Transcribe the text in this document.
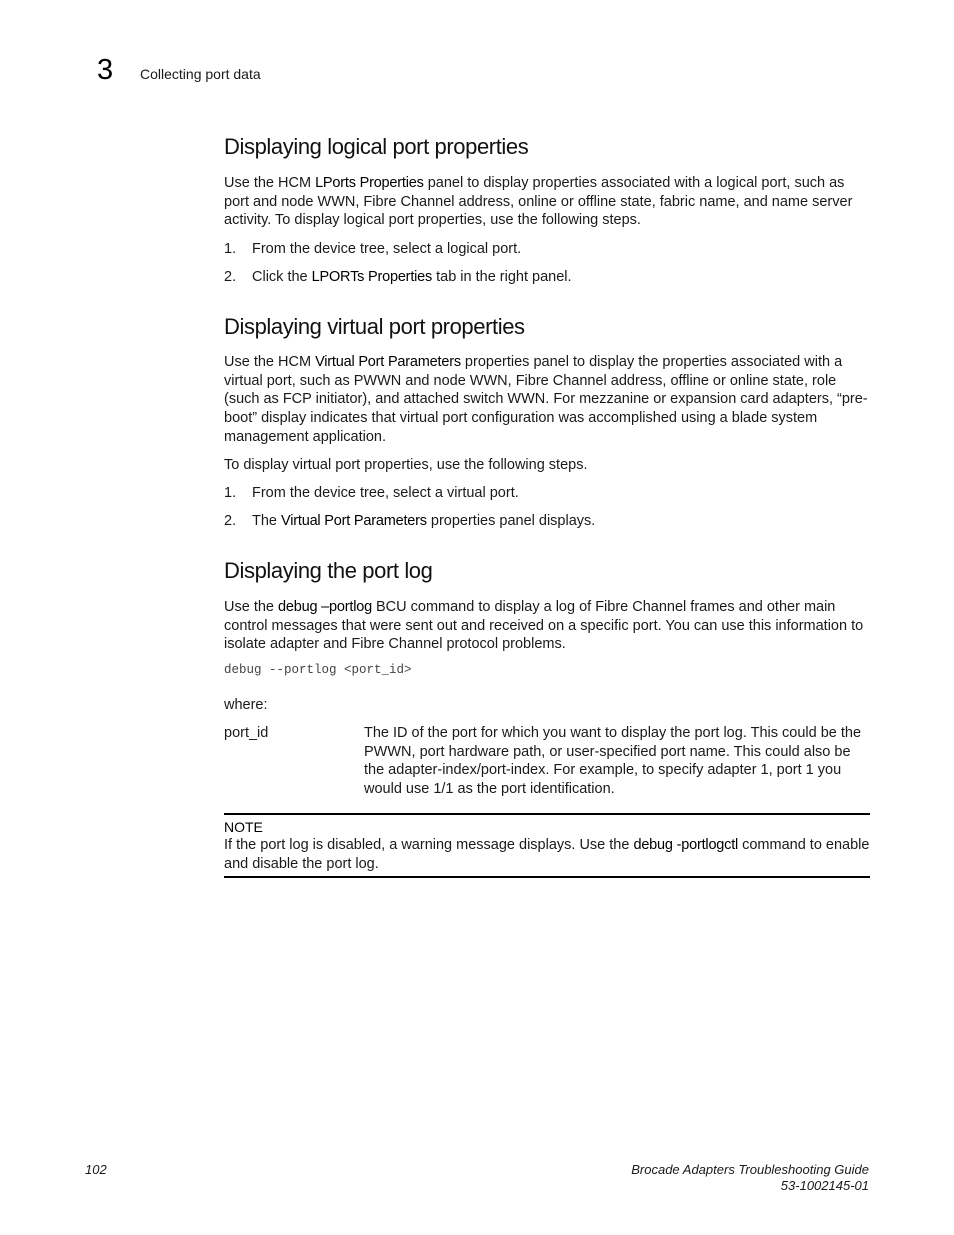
3 Collecting port data
Displaying logical port properties

Use the HCM LPorts Properties panel to display properties associated with a logical port, such as port and node WWN, Fibre Channel address, online or offline state, fabric name, and name server activity. To display logical port properties, use the following steps.

1. From the device tree, select a logical port.
2. Click the LPORTs Properties tab in the right panel.
Displaying virtual port properties

Use the HCM Virtual Port Parameters properties panel to display the properties associated with a virtual port, such as PWWN and node WWN, Fibre Channel address, offline or online state, role (such as FCP initiator), and attached switch WWN. For mezzanine or expansion card adapters, “pre-boot” display indicates that virtual port configuration was accomplished using a blade system management application.

To display virtual port properties, use the following steps.

1. From the device tree, select a virtual port.
2. The Virtual Port Parameters properties panel displays.
Displaying the port log

Use the debug –portlog BCU command to display a log of Fibre Channel frames and other main control messages that were sent out and received on a specific port. You can use this information to isolate adapter and Fibre Channel protocol problems.

debug --portlog <port_id>
where:
port_id	The ID of the port for which you want to display the port log. This could be the PWWN, port hardware path, or user-specified port name. This could also be the adapter-index/port-index. For example, to specify adapter 1, port 1 you would use 1/1 as the port identification.
NOTE
If the port log is disabled, a warning message displays. Use the debug -portlogctl command to enable and disable the port log.
102	Brocade Adapters Troubleshooting Guide
53-1002145-01
